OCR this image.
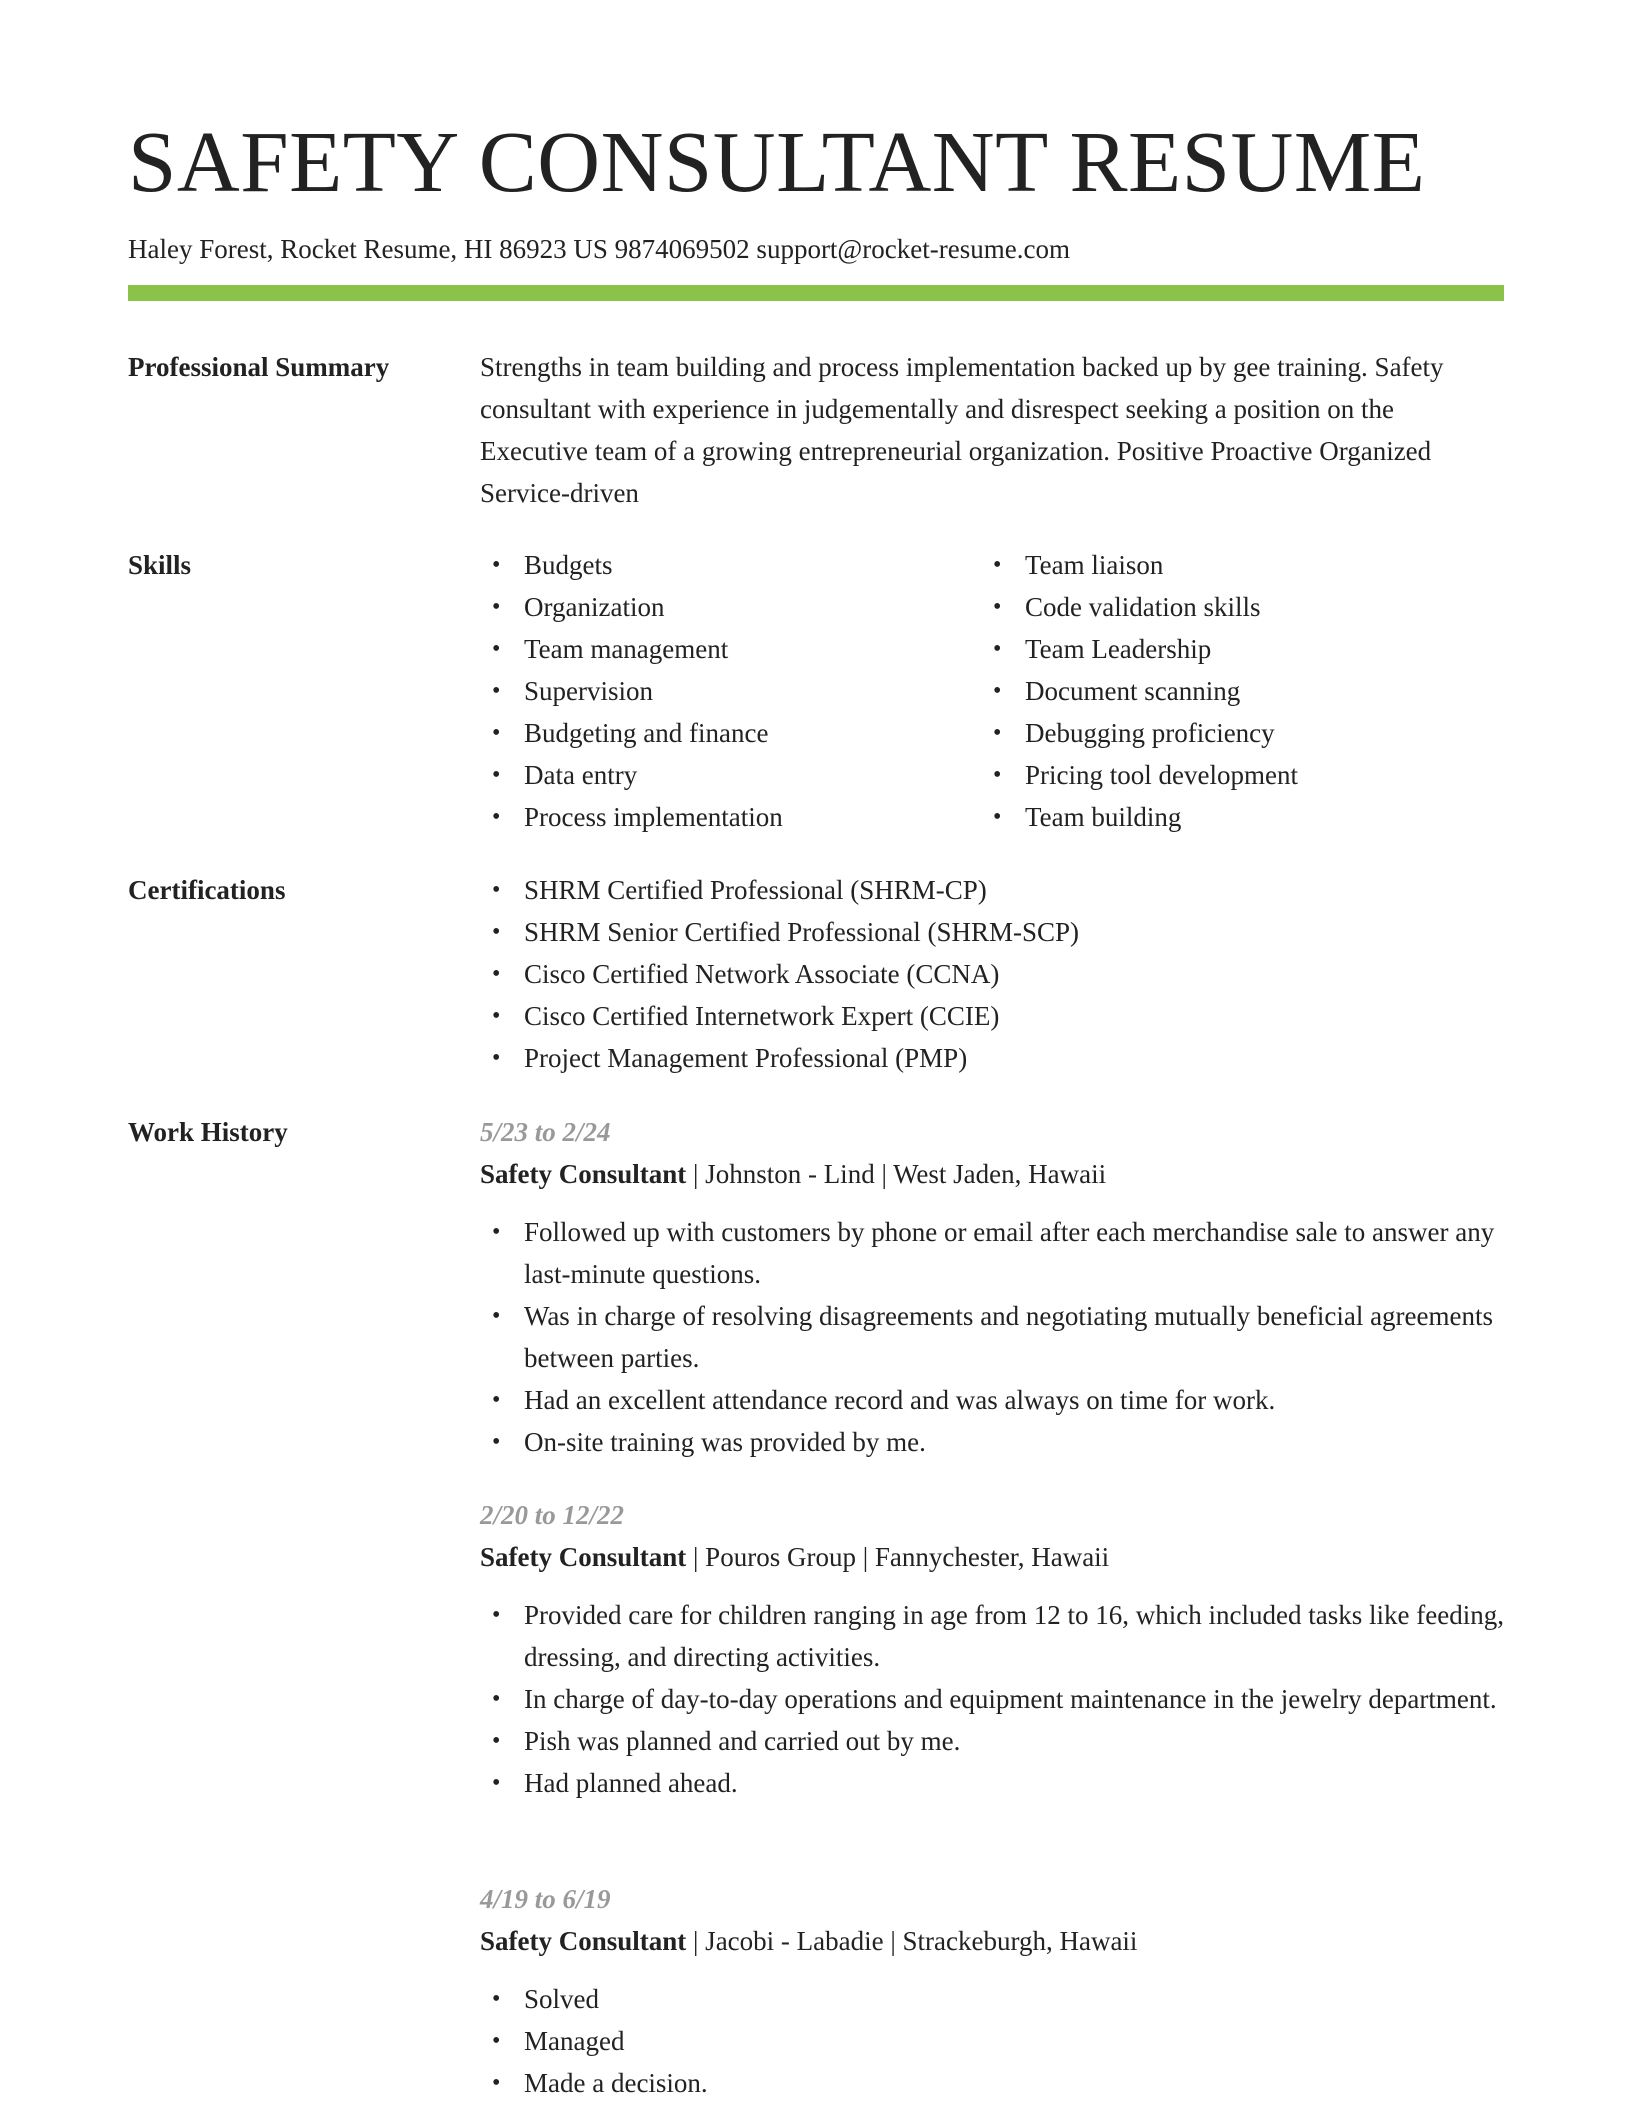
SAFETY CONSULTANT RESUME
Haley Forest, Rocket Resume, HI 86923 US 9874069502 support@rocket-resume.com
Professional Summary	Strengths in team building and process implementation backed up by gee training. Safety consultant with experience in judgementally and disrespect seeking a position on the Executive team of a growing entrepreneurial organization. Positive Proactive Organized Service-driven

Skills	• Budgets
• Organization
• Team management
• Supervision
• Budgeting and finance
• Data entry
• Process implementation
• Team liaison
• Code validation skills
• Team Leadership
• Document scanning
• Debugging proficiency
• Pricing tool development
• Team building
Certifications	• SHRM Certified Professional (SHRM-CP)
• SHRM Senior Certified Professional (SHRM-SCP)
• Cisco Certified Network Associate (CCNA)
• Cisco Certified Internetwork Expert (CCIE)
• Project Management Professional (PMP)
Work History	5/23 to 2/24
Safety Consultant | Johnston - Lind | West Jaden, Hawaii
• Followed up with customers by phone or email after each merchandise sale to answer any last-minute questions.
• Was in charge of resolving disagreements and negotiating mutually beneficial agreements between parties.
• Had an excellent attendance record and was always on time for work.
• On-site training was provided by me.
2/20 to 12/22
Safety Consultant | Pouros Group | Fannychester, Hawaii
• Provided care for children ranging in age from 12 to 16, which included tasks like feeding, dressing, and directing activities.
• In charge of day-to-day operations and equipment maintenance in the jewelry department.
• Pish was planned and carried out by me.
• Had planned ahead.
4/19 to 6/19
Safety Consultant | Jacobi - Labadie | Strackeburgh, Hawaii
• Solved
• Managed
• Made a decision.
